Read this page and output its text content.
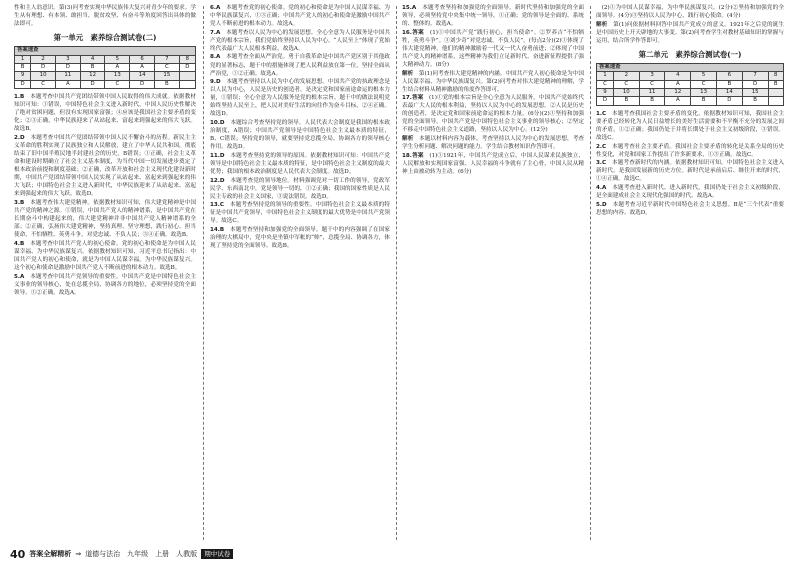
性和主人翁意识。第(3)问考查实现中华民族伟大复兴对青少年的要求。学生从有理想、有本领、敢担当，脱贫攻坚、有奋斗等角度回答出具体的做法即可。

第一单元　素养综合测试卷(二)
答案速查							
1	2	3	4	5	6	7	8
B	D	D	B	A	A	C	D
9	10	11	12	13	14	15	
D	C	A	D	C	D	B	

1.B　 本题考查中国共产党团结带领中国人民取得的伟大成就。依据教材知识可知：①错误，中国特色社会主义进入新时代，中国人民历史性解决了绝对贫困问题，但没有实现国家富强；④应该是我国社会主要矛盾的变化；②③正确，中华民族迎来了从站起来、富起来到强起来的伟大飞跃。故选B。

2.D　 本题考查中国共产党团结带领中国人民不懈奋斗的历程。新民主主义革命的胜利实现了民族独立和人民解放，建立了中华人民共和国，彻底结束了旧中国半殖民地半封建社会的历史，B错误；①正确，社会主义革命和建设时期确立了社会主义基本制度，为当代中国一切发展进步奠定了根本政治前提和制度基础；②正确，改革开放和社会主义现代化建设新时期，中国共产党团结带领中国人民实现了从站起来、富起来到强起来的伟大飞跃；中国特色社会主义进入新时代，中华民族迎来了从站起来、富起来到强起来的伟大飞跃。故选D。

3.B　 本题考查伟大建党精神。依据教材知识可知，伟大建党精神是中国共产党的精神之源。①错误，中国共产党人的精神谱系，是中国共产党在长期奋斗中构建起来的，伟大建党精神并非中国共产党人精神谱系的全部；②正确，弘扬伟大建党精神，坚持真理、坚守理想，践行初心、担当使命，不怕牺牲、英勇斗争，对党忠诚、不负人民；③④正确。故选B。

4.B　 本题考查中国共产党人的初心使命。党的初心和使命是为中国人民谋幸福、为中华民族谋复兴。依据教材知识可知，习近平总书记指出：中国共产党人的初心和使命，就是为中国人民谋幸福，为中华民族谋复兴。这个初心和使命是激励中国共产党人不断前进的根本动力。故选B。

5.A　 本题考查中国共产党领导的重要性。中国共产党是中国特色社会主义事业的领导核心，处在总揽全局、协调各方的地位，必须坚持党的全面领导。①②正确，故选A。

6.A　 本题考查党的初心使命。党的初心和使命是为中国人民谋幸福、为中华民族谋复兴，①③正确；中国共产党人的初心和使命是激励中国共产党人不断前进的根本动力。故选A。

7.A　 本题考查以人民为中心的发展思想。全心全意为人民服务是中国共产党的根本宗旨，我们党始终坚持以人民为中心。“人民至上”体现了党始终代表最广大人民根本利益，故选A。

8.A　 本题考查全面从严治党。勇于自我革命是中国共产党区别于其他政党的显著标志，题干中的措施体现了把人民利益放在第一位，坚持全面从严治党，①②正确。故选A。

9.D　 本题考查坚持以人民为中心的发展思想。中国共产党的执政理念是以人民为中心，人民是历史的创造者，是决定党和国家前途命运的根本力量，①错误；全心全意为人民服务是党的根本宗旨。题干中的做法说明党始终坚持人民至上，把人民对美好生活的向往作为奋斗目标，②④正确。故选D。

10.D　 本题综合考查坚持党的领导。人民代表大会制度是我国的根本政治制度，A错误；中国共产党领导是中国特色社会主义最本质的特征，B、C错误；坚持党的领导，就要坚持党总揽全局、协调各方的领导核心作用。故选D。

11.D　 本题考查坚持党的领导的原因。依据教材知识可知：中国共产党领导是中国特色社会主义最本质的特征，是中国特色社会主义制度的最大优势；我国的根本政治制度是人民代表大会制度。故选D。

12.D　 本题考查党的领导地位。材料强调党对一切工作的领导，党政军民学、东西南北中，党是领导一切的，①②正确；我国的国家性质是人民民主专政的社会主义国家，③说法错误。故选D。

13.C　 本题考查坚持党的领导的重要性。中国特色社会主义最本质的特征是中国共产党领导，中国特色社会主义制度的最大优势是中国共产党领导。故选C。

14.B　 本题考查坚持和加强党的全面领导。题干中的内容强调了在国家治理的大棋局中，党中央是坐镇中军帐的“帅”，总揽全局、协调各方，体现了坚持党的全面领导。故选B。

15.A　 本题考查坚持和加强党的全面领导。新时代坚持和加强党的全面领导，必须坚持党中央集中统一领导，①正确；党的领导是全面的、系统的、整体的。故选A。

16.答案　 (1)①中国共产党“践行初心，担当使命”。②罗养吉“不怕牺牲，英勇斗争”。③刘少奇“对党忠诚，不负人民”。(每点2分)(2)①体现了伟大建党精神，他们的精神激励着一代又一代人奋勇前进；②体现了中国共产党人的精神谱系，这些精神为我们立足新时代、奋进新征程提供了强大精神动力。(8分)

解析　 第(1)问考查伟大建党精神的内涵。中国共产党人初心使命是为中国人民谋幸福、为中华民族谋复兴。第(2)问考查对伟大建党精神的理解，学生结合材料从精神激励的角度作答即可。

17.答案　 (1)①党的根本宗旨是全心全意为人民服务，中国共产党始终代表最广大人民的根本利益，坚持以人民为中心的发展思想。②人民是历史的创造者，是决定党和国家前途命运的根本力量。(6分)(2)①坚持和加强党的全面领导，中国共产党是中国特色社会主义事业的领导核心；②坚定不移走中国特色社会主义道路，坚持以人民为中心。(12分)

解析　 本题以材料内容为载体，考查坚持以人民为中心的发展思想，考查学生分析问题、解决问题的能力。学生结合教材知识作答即可。

18.答案　 (1)①1921年，中国共产党成立后，中国人民谋求民族独立、人民解放和实现国家富强、人民幸福的斗争就有了主心骨，中国人民从精神上由被动转为主动。(6分)

　(2)①为中国人民谋幸福，为中华民族谋复兴。(2分)②坚持和加强党的全面领导。(4分)③坚持以人民为中心，践行初心使命。(4分)

解析　 第(1)问依据材料回答中国共产党成立的意义。1921年之后党的诞生是中国历史上开天辟地的大事变。第(2)问考查学生对教材基础知识的掌握与运用，结合所学作答即可。

第二单元　素养综合测试卷(一)
答案速查							
1	2	3	4	5	6	7	8
C	C	C	A	C	B	D	B
9	10	11	12	13	14	15	
D	B	B	A	B	D	B	

1.C　 本题考查我国社会主要矛盾的变化。依据教材知识可知，我国社会主要矛盾已经转化为人民日益增长的美好生活需要和不平衡不充分的发展之间的矛盾，①②正确；我国仍处于并将长期处于社会主义初级阶段，③错误。故选C。

2.C　 本题考查社会主要矛盾。我国社会主要矛盾的转化是关系全局的历史性变化，对党和国家工作提出了许多新要求，①③正确。故选C。

3.C　 本题考查新时代的内涵。依据教材知识可知，中国特色社会主义进入新时代，是我国发展新的历史方位。新时代是承前启后、继往开来的时代，①④正确。故选C。

4.A　 本题考查进入新时代。进入新时代，我国仍处于社会主义初级阶段，是全面建成社会主义现代化强国的时代。故选A。

5.D　 本题考查习近平新时代中国特色社会主义思想。B是“三个代表”重要思想的内容。故选D。

40 答案全解精析 ⇒ 道德与法治　九年级　上册　人教版	期中试卷
